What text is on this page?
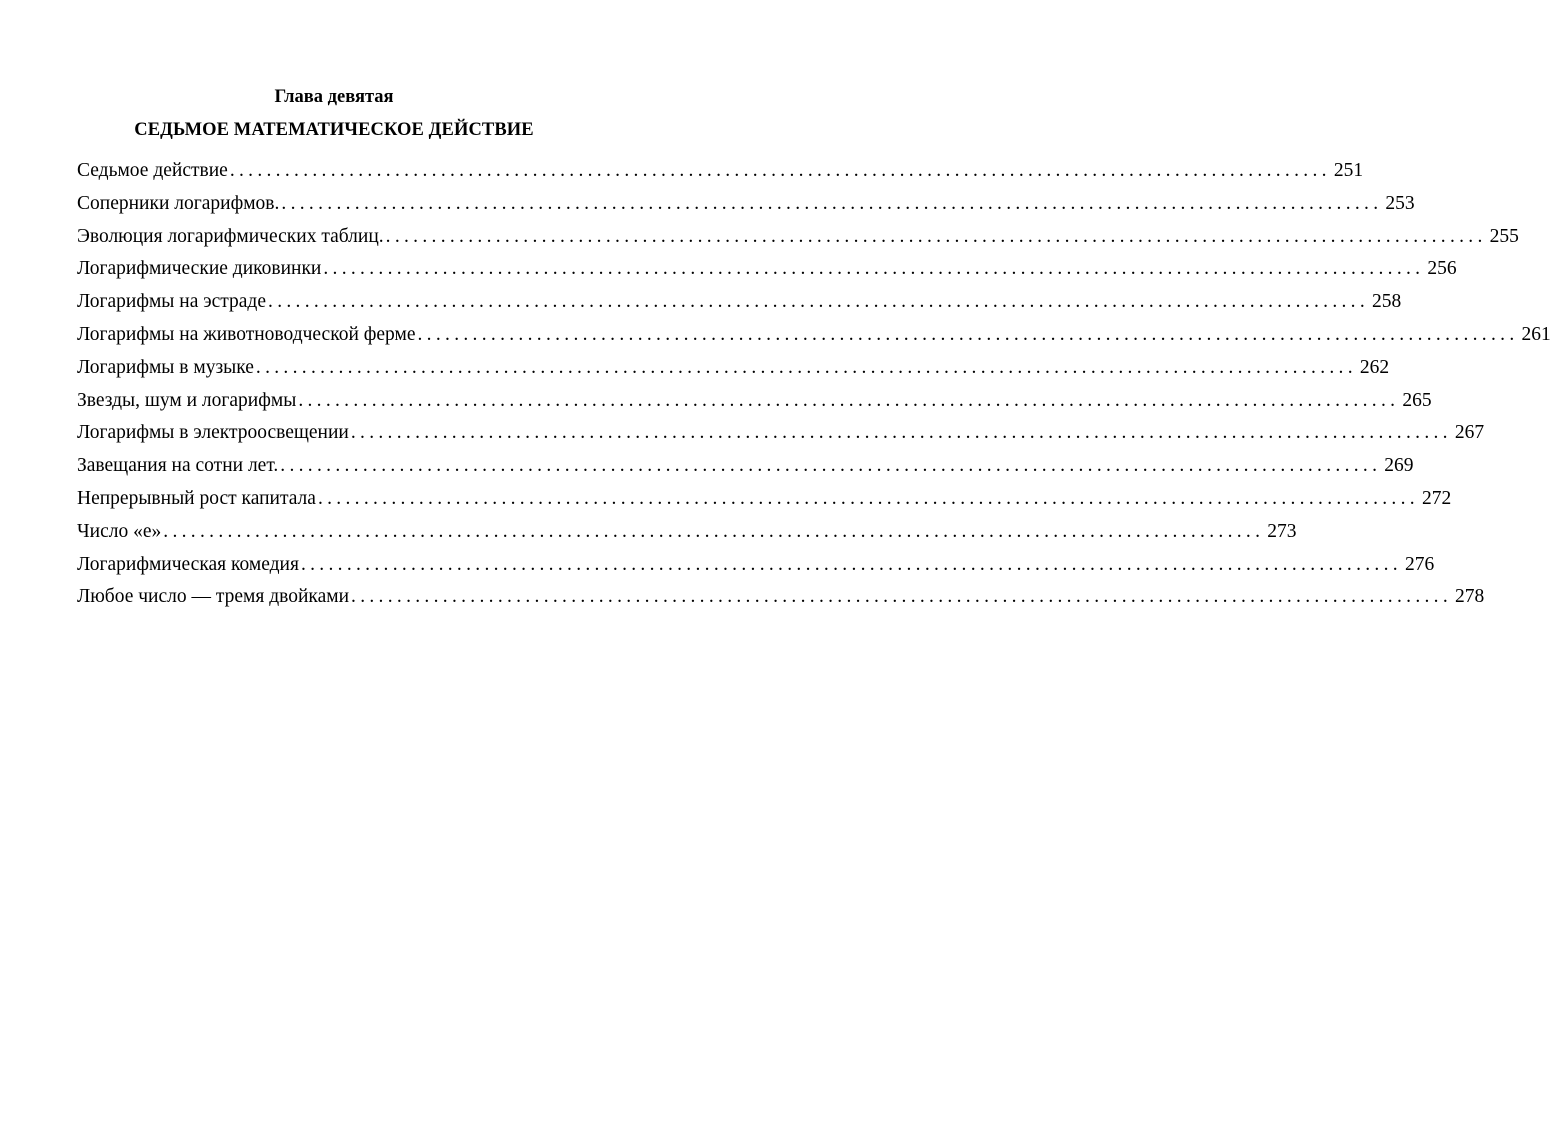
Глава девятая
СЕДЬМОЕ МАТЕМАТИЧЕСКОЕ ДЕЙСТВИЕ
Седьмое действие ........................................................................................................................ 251
Соперники логарифмов. ........................................................................................................................ 253
Эволюция логарифмических таблиц. ........................................................................................................................ 255
Логарифмические диковинки ........................................................................................................................ 256
Логарифмы на эстраде ........................................................................................................................ 258
Логарифмы на животноводческой ферме ........................................................................................................................ 261
Логарифмы в музыке ........................................................................................................................ 262
Звезды, шум и логарифмы ........................................................................................................................ 265
Логарифмы в электроосвещении ........................................................................................................................ 267
Завещания на сотни лет. ........................................................................................................................ 269
Непрерывный рост капитала ........................................................................................................................ 272
Число «е» ........................................................................................................................ 273
Логарифмическая комедия ........................................................................................................................ 276
Любое число — тремя двойками ........................................................................................................................ 278
